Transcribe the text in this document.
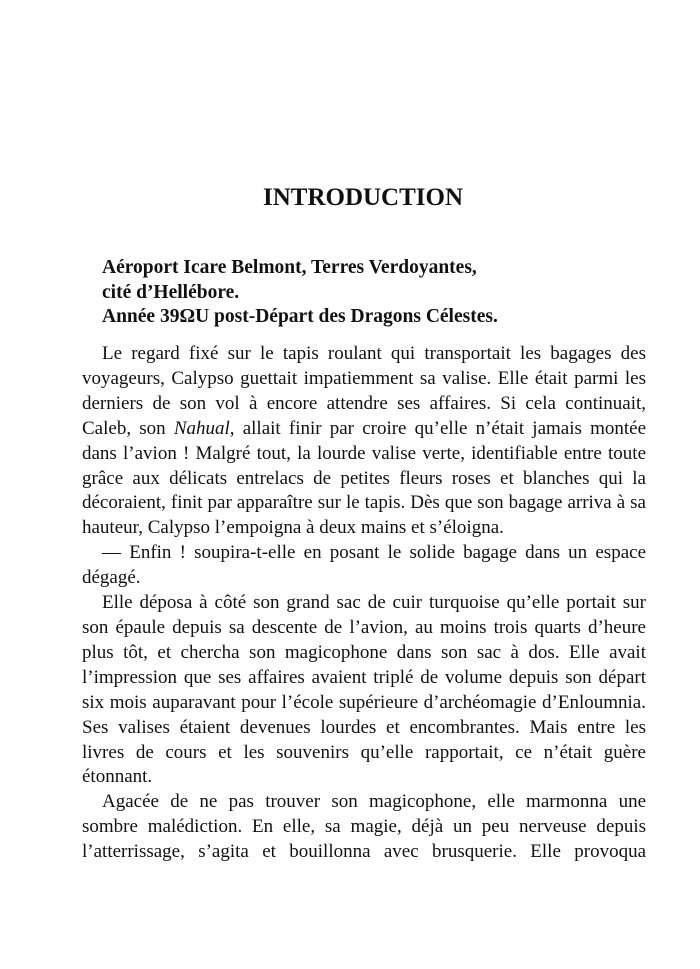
INTRODUCTION
Aéroport Icare Belmont, Terres Verdoyantes,
cité d’Hellébore.
Année 39ΩU post-Départ des Dragons Célestes.

Le regard fixé sur le tapis roulant qui transportait les bagages des voyageurs, Calypso guettait impatiemment sa valise. Elle était parmi les derniers de son vol à encore attendre ses affaires. Si cela continuait, Caleb, son Nahual, allait finir par croire qu’elle n’était jamais montée dans l’avion ! Malgré tout, la lourde valise verte, identifiable entre toute grâce aux délicats entrelacs de petites fleurs roses et blanches qui la décoraient, finit par apparaître sur le tapis. Dès que son bagage arriva à sa hauteur, Calypso l’empoigna à deux mains et s’éloigna.

— Enfin ! soupira-t-elle en posant le solide bagage dans un espace dégagé.

Elle déposa à côté son grand sac de cuir turquoise qu’elle portait sur son épaule depuis sa descente de l’avion, au moins trois quarts d’heure plus tôt, et chercha son magicophone dans son sac à dos. Elle avait l’impression que ses affaires avaient triplé de volume depuis son départ six mois auparavant pour l’école supérieure d’archéomagie d’Enloumnia. Ses valises étaient devenues lourdes et encombrantes. Mais entre les livres de cours et les souvenirs qu’elle rapportait, ce n’était guère étonnant.

Agacée de ne pas trouver son magicophone, elle marmonna une sombre malédiction. En elle, sa magie, déjà un peu nerveuse depuis l’atterrissage, s’agita et bouillonna avec brusquerie. Elle provoqua
